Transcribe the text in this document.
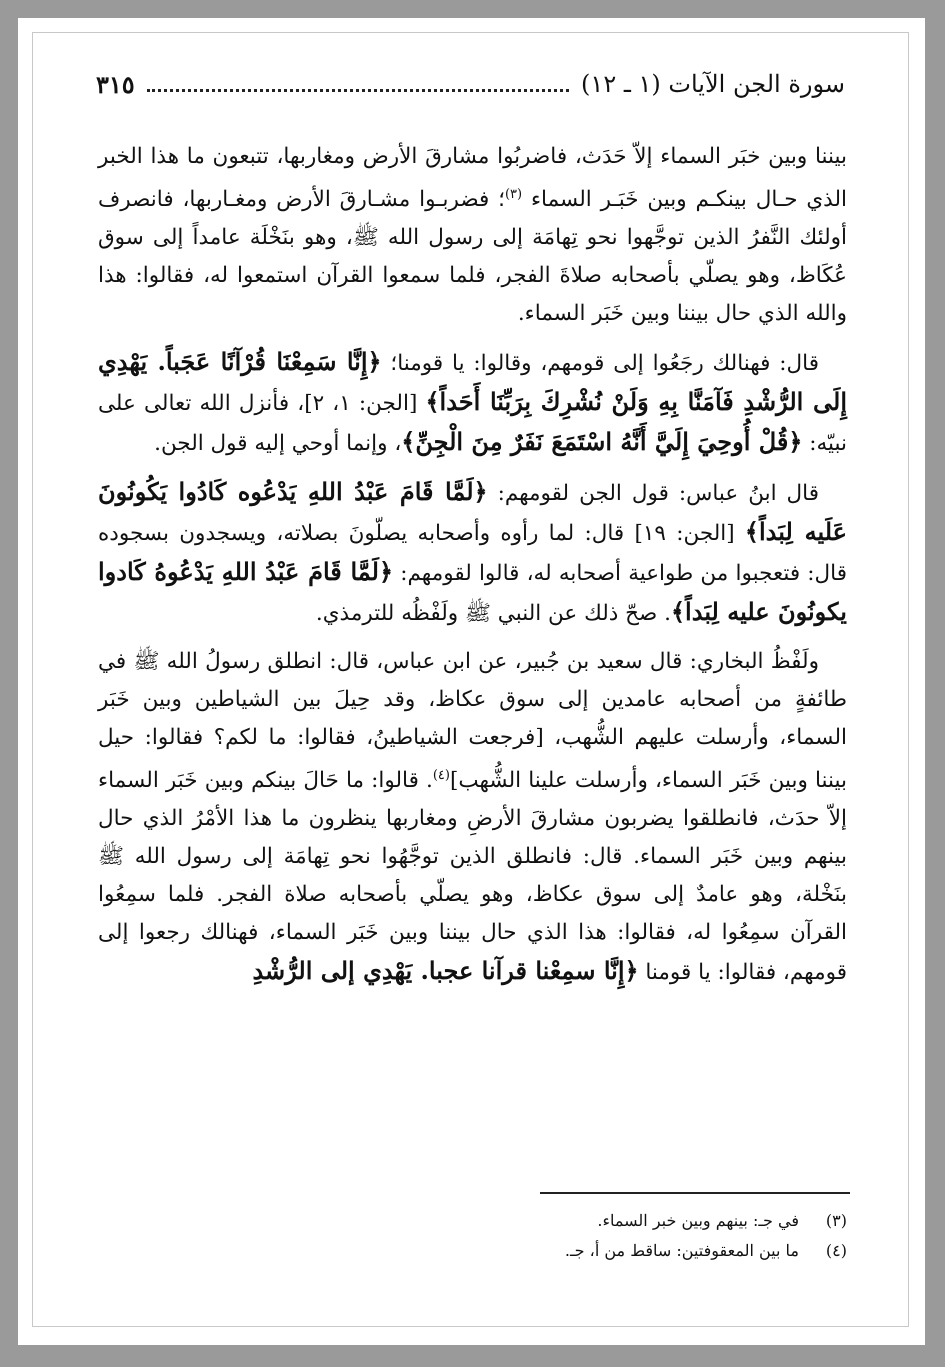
سورة الجن الآيات (١ ـ ١٢)
٣١٥

بيننا وبين خبَر السماء إلاّ حَدَث، فاضربُوا مشارقَ الأرض ومغاربها، تتبعون ما هذا الخبر الذي حـال بينكـم وبين خَبَـر السماء $^{(٣)}$؛ فضربـوا مشـارقَ الأرض ومغـاربها، فانصرف أولئك النَّفرُ الذين توجَّهوا نحو تِهامَة إلى رسول الله ﷺ، وهو بنَخْلَة عامداً إلى سوق عُكَاظ، وهو يصلّي بأصحابه صلاةَ الفجر، فلما سمعوا القرآن استمعوا له، فقالوا: هذا والله الذي حال بيننا وبين خَبَر السماء.

قال: فهنالك رجَعُوا إلى قومهم، وقالوا: يا قومنا؛ ﴿إِنَّا سَمِعْنَا قُرْآنًا عَجَباً. يَهْدِي إِلَى الرُّشْدِ فَآمَنَّا بِهِ وَلَنْ نُشْرِكَ بِرَبِّنَا أَحَداً﴾ [الجن: ١، ٢]، فأنزل الله تعالى على نبيّه: ﴿قُلْ أُوحِيَ إِلَيَّ أَنَّهُ اسْتَمَعَ نَفَرٌ مِنَ الْجِنِّ﴾، وإنما أوحي إليه قول الجن.

قال ابنُ عباس: قول الجن لقومهم: ﴿لَمَّا قَامَ عَبْدُ اللهِ يَدْعُوه كَادُوا يَكُونُونَ عَلَيه لِبَداً﴾ [الجن: ١٩] قال: لما رأوه وأصحابه يصلّونَ بصلاته، ويسجدون بسجوده قال: فتعجبوا من طواعية أصحابه له، قالوا لقومهم: ﴿لَمَّا قَامَ عَبْدُ اللهِ يَدْعُوهُ كَادوا يكونُونَ عليه لِبَداً﴾. صحّ ذلك عن النبي ﷺ ولَفْظُه للترمذي.

ولَفْظُ البخاري: قال سعيد بن جُبير، عن ابن عباس، قال: انطلق رسولُ الله ﷺ في طائفةٍ من أصحابه عامدين إلى سوق عكاظ، وقد حِيلَ بين الشياطين وبين خَبَر السماء، وأرسلت عليهم الشُّهب، [فرجعت الشياطينُ، فقالوا: ما لكم؟ فقالوا: حيل بيننا وبين خَبَر السماء، وأرسلت علينا الشُّهب]$^{(٤)}$. قالوا: ما حَالَ بينكم وبين خَبَر السماء إلاّ حدَث، فانطلقوا يضربون مشارقَ الأرضِ ومغاربها ينظرون ما هذا الأمْرُ الذي حال بينهم وبين خَبَر السماء. قال: فانطلق الذين توجَّهُوا نحو تِهامَة إلى رسول الله ﷺ بنَخْلة، وهو عامدٌ إلى سوق عكاظ، وهو يصلّي بأصحابه صلاة الفجر. فلما سمِعُوا القرآن سمِعُوا له، فقالوا: هذا الذي حال بيننا وبين خَبَر السماء، فهنالك رجعوا إلى قومهم، فقالوا: يا قومنا ﴿إِنَّا سمِعْنا قرآنا عجبا. يَهْدِي إلى الرُّشْدِ

(٣)
في جـ: بينهم وبين خبر السماء.
(٤)
ما بين المعقوفتين: ساقط من أ، جـ.
